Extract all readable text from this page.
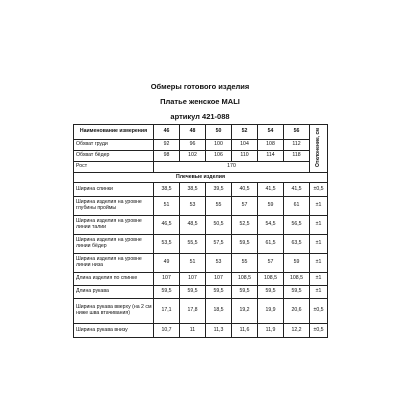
Обмеры готового изделия
Платье женское MALI
артикул 421-088
Наименование измерения	46	48	50	52	54	56	Отклонение, см
Обхват груди	92	96	100	104	108	112	
Обхват бёдер	98	102	106	110	114	118	
Рост	170						
Плечевые изделия							
Ширина спинки	38,5	38,5	39,5	40,5	41,5	41,5	±0,5
Ширина изделия на уровне глубины проймы	51	53	55	57	59	61	±1
Ширина изделия на уровне линии талии	46,5	48,5	50,5	52,5	54,5	56,5	±1
Ширина изделия на уровне линии бёдер	53,5	55,5	57,5	59,5	61,5	63,5	±1
Ширина изделия на уровне линии низа	49	51	53	55	57	59	±1
Длина изделия по спинке	107	107	107	108,5	108,5	108,5	±1
Длина рукава	59,5	59,5	59,5	59,5	59,5	59,5	±1
Ширина рукава вверху (на 2 см ниже шва втачивания)	17,1	17,8	18,5	19,2	19,9	20,6	±0,5
Ширина рукава внизу	10,7	11	11,3	11,6	11,9	12,2	±0,5
